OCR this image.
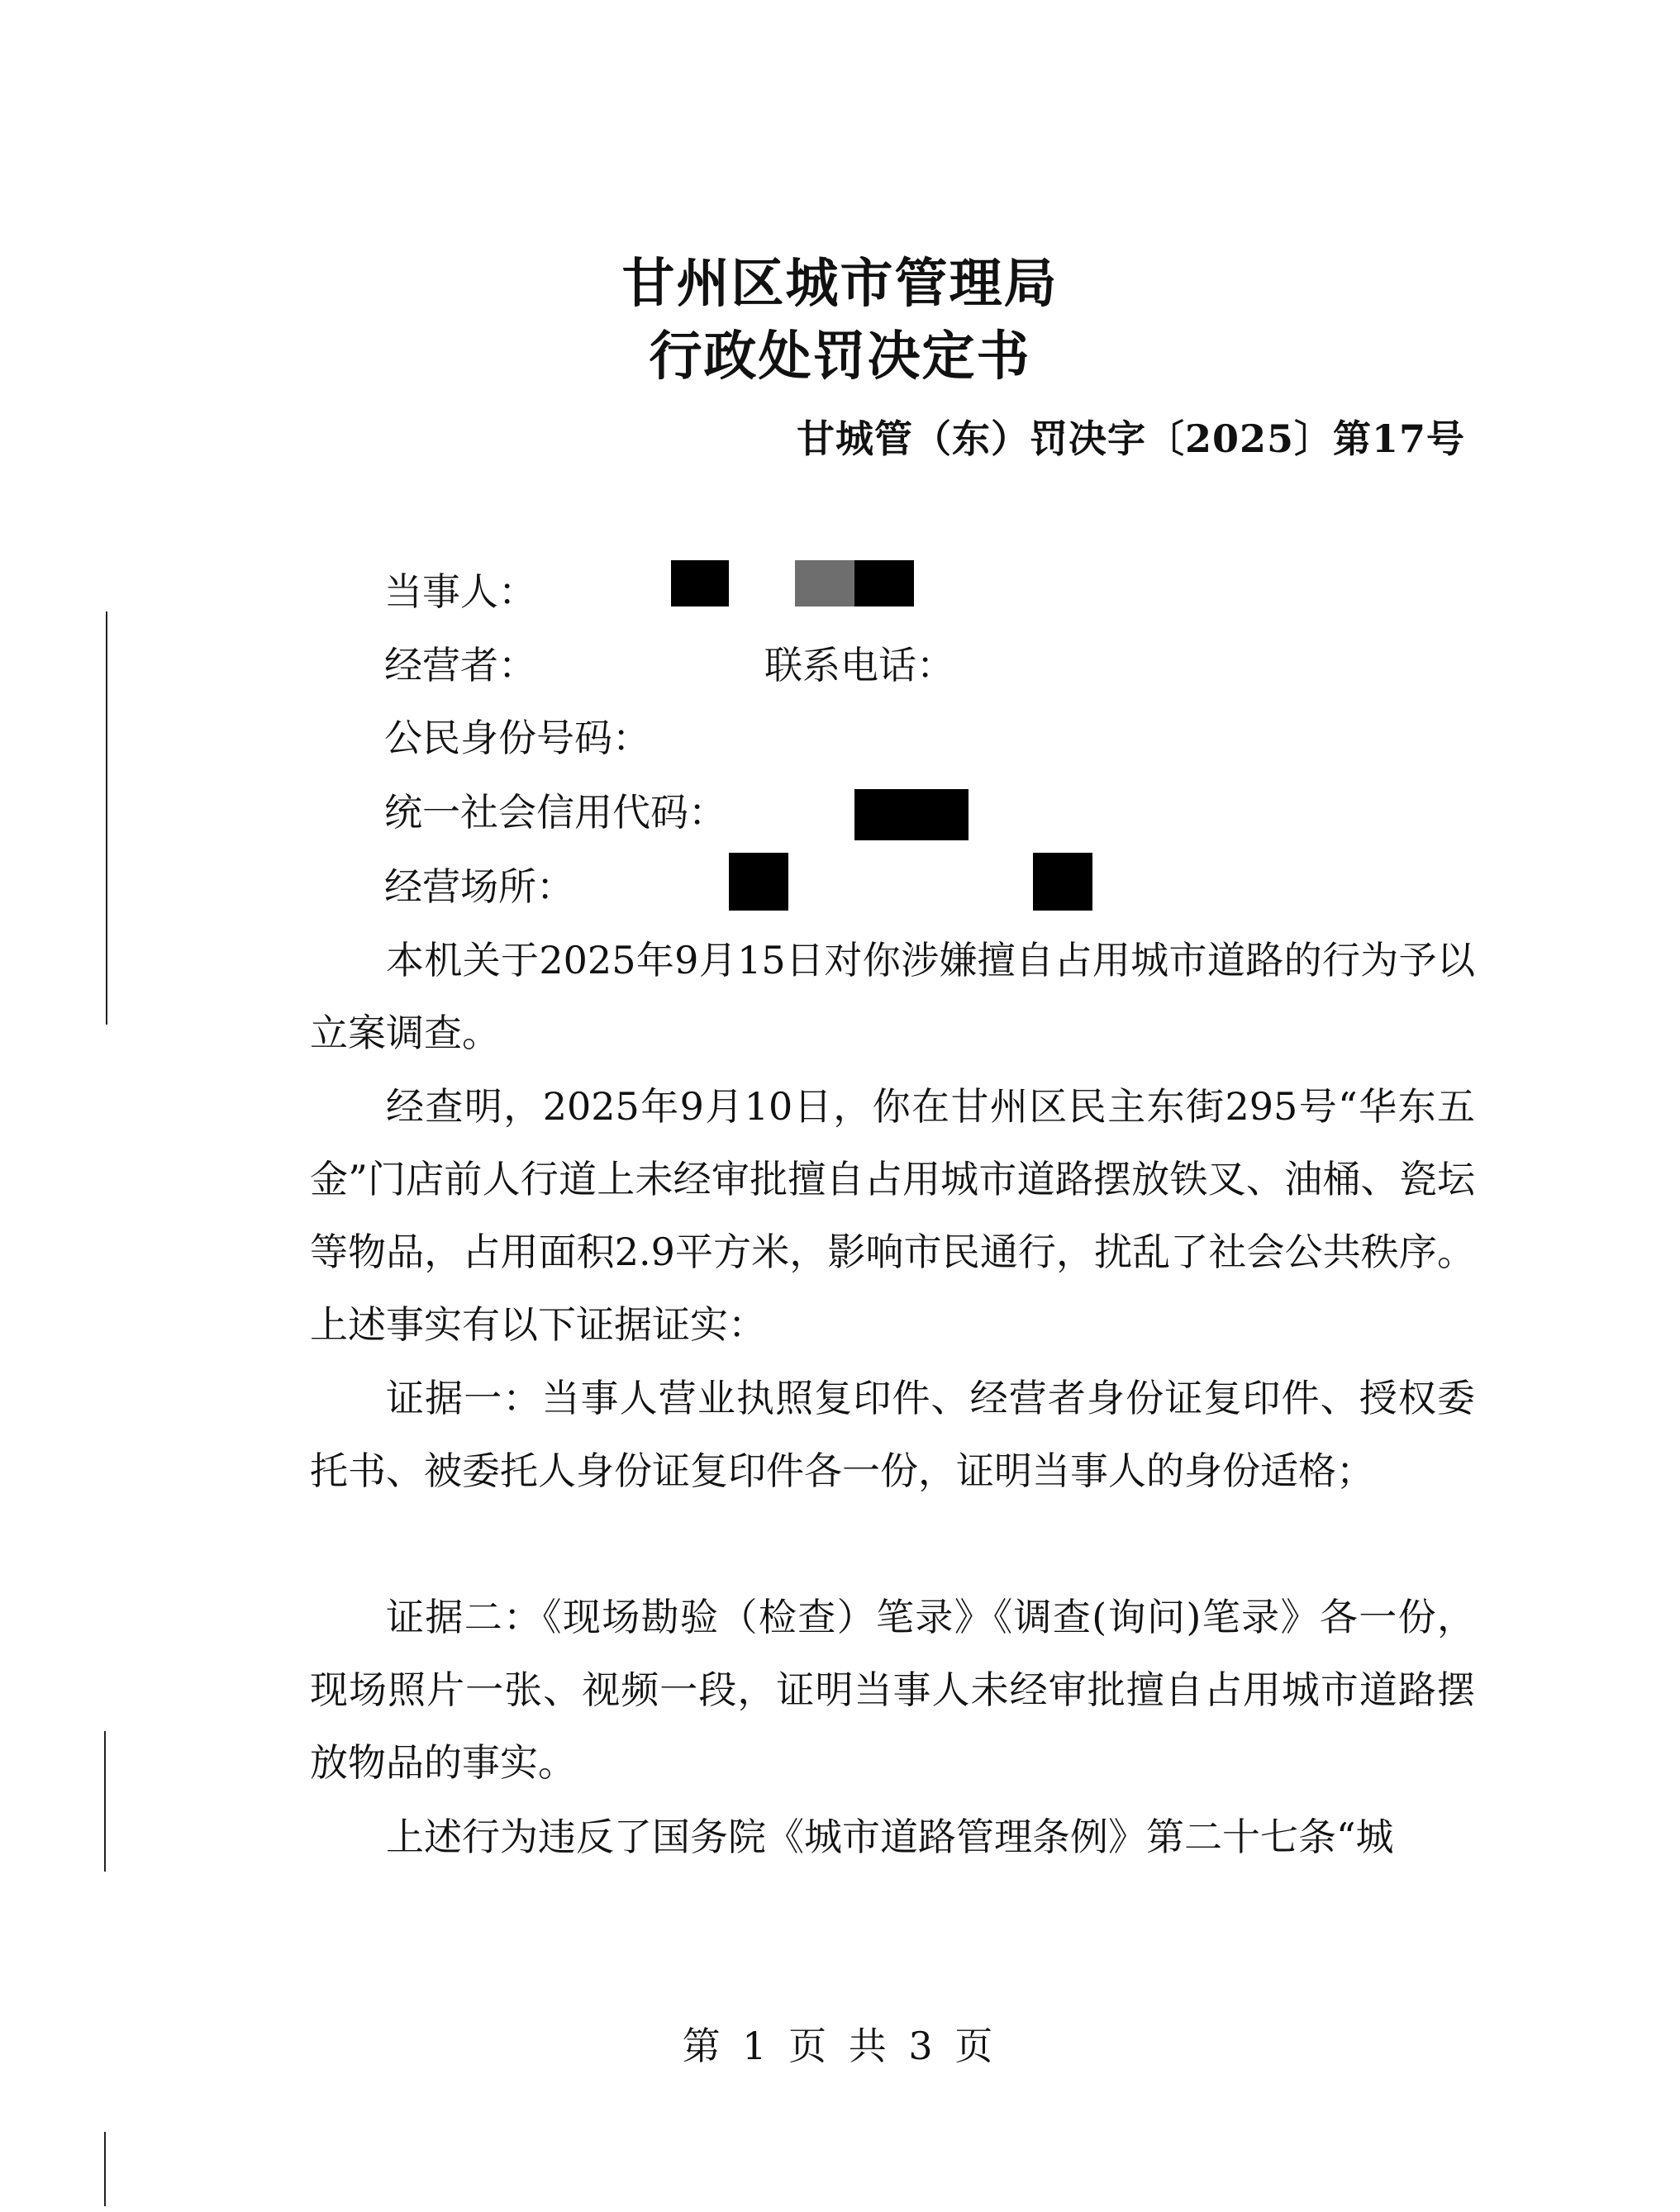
甘州区城市管理局
行政处罚决定书
甘城管（东）罚决字〔2025〕第17号
当事人：
经营者：	联系电话：
公民身份号码：
统一社会信用代码：
经营场所：

本机关于2025年9月15日对你涉嫌擅自占用城市道路的行为予以立案调查。

经查明，2025年9月10日，你在甘州区民主东街295号“华东五金”门店前人行道上未经审批擅自占用城市道路摆放铁叉、油桶、瓷坛等物品，占用面积2.9平方米，影响市民通行，扰乱了社会公共秩序。上述事实有以下证据证实：

证据一：当事人营业执照复印件、经营者身份证复印件、授权委托书、被委托人身份证复印件各一份，证明当事人的身份适格；

证据二：《现场勘验（检查）笔录》《调查(询问)笔录》各一份，现场照片一张、视频一段，证明当事人未经审批擅自占用城市道路摆放物品的事实。

上述行为违反了国务院《城市道路管理条例》第二十七条“城

第 1 页 共 3 页
